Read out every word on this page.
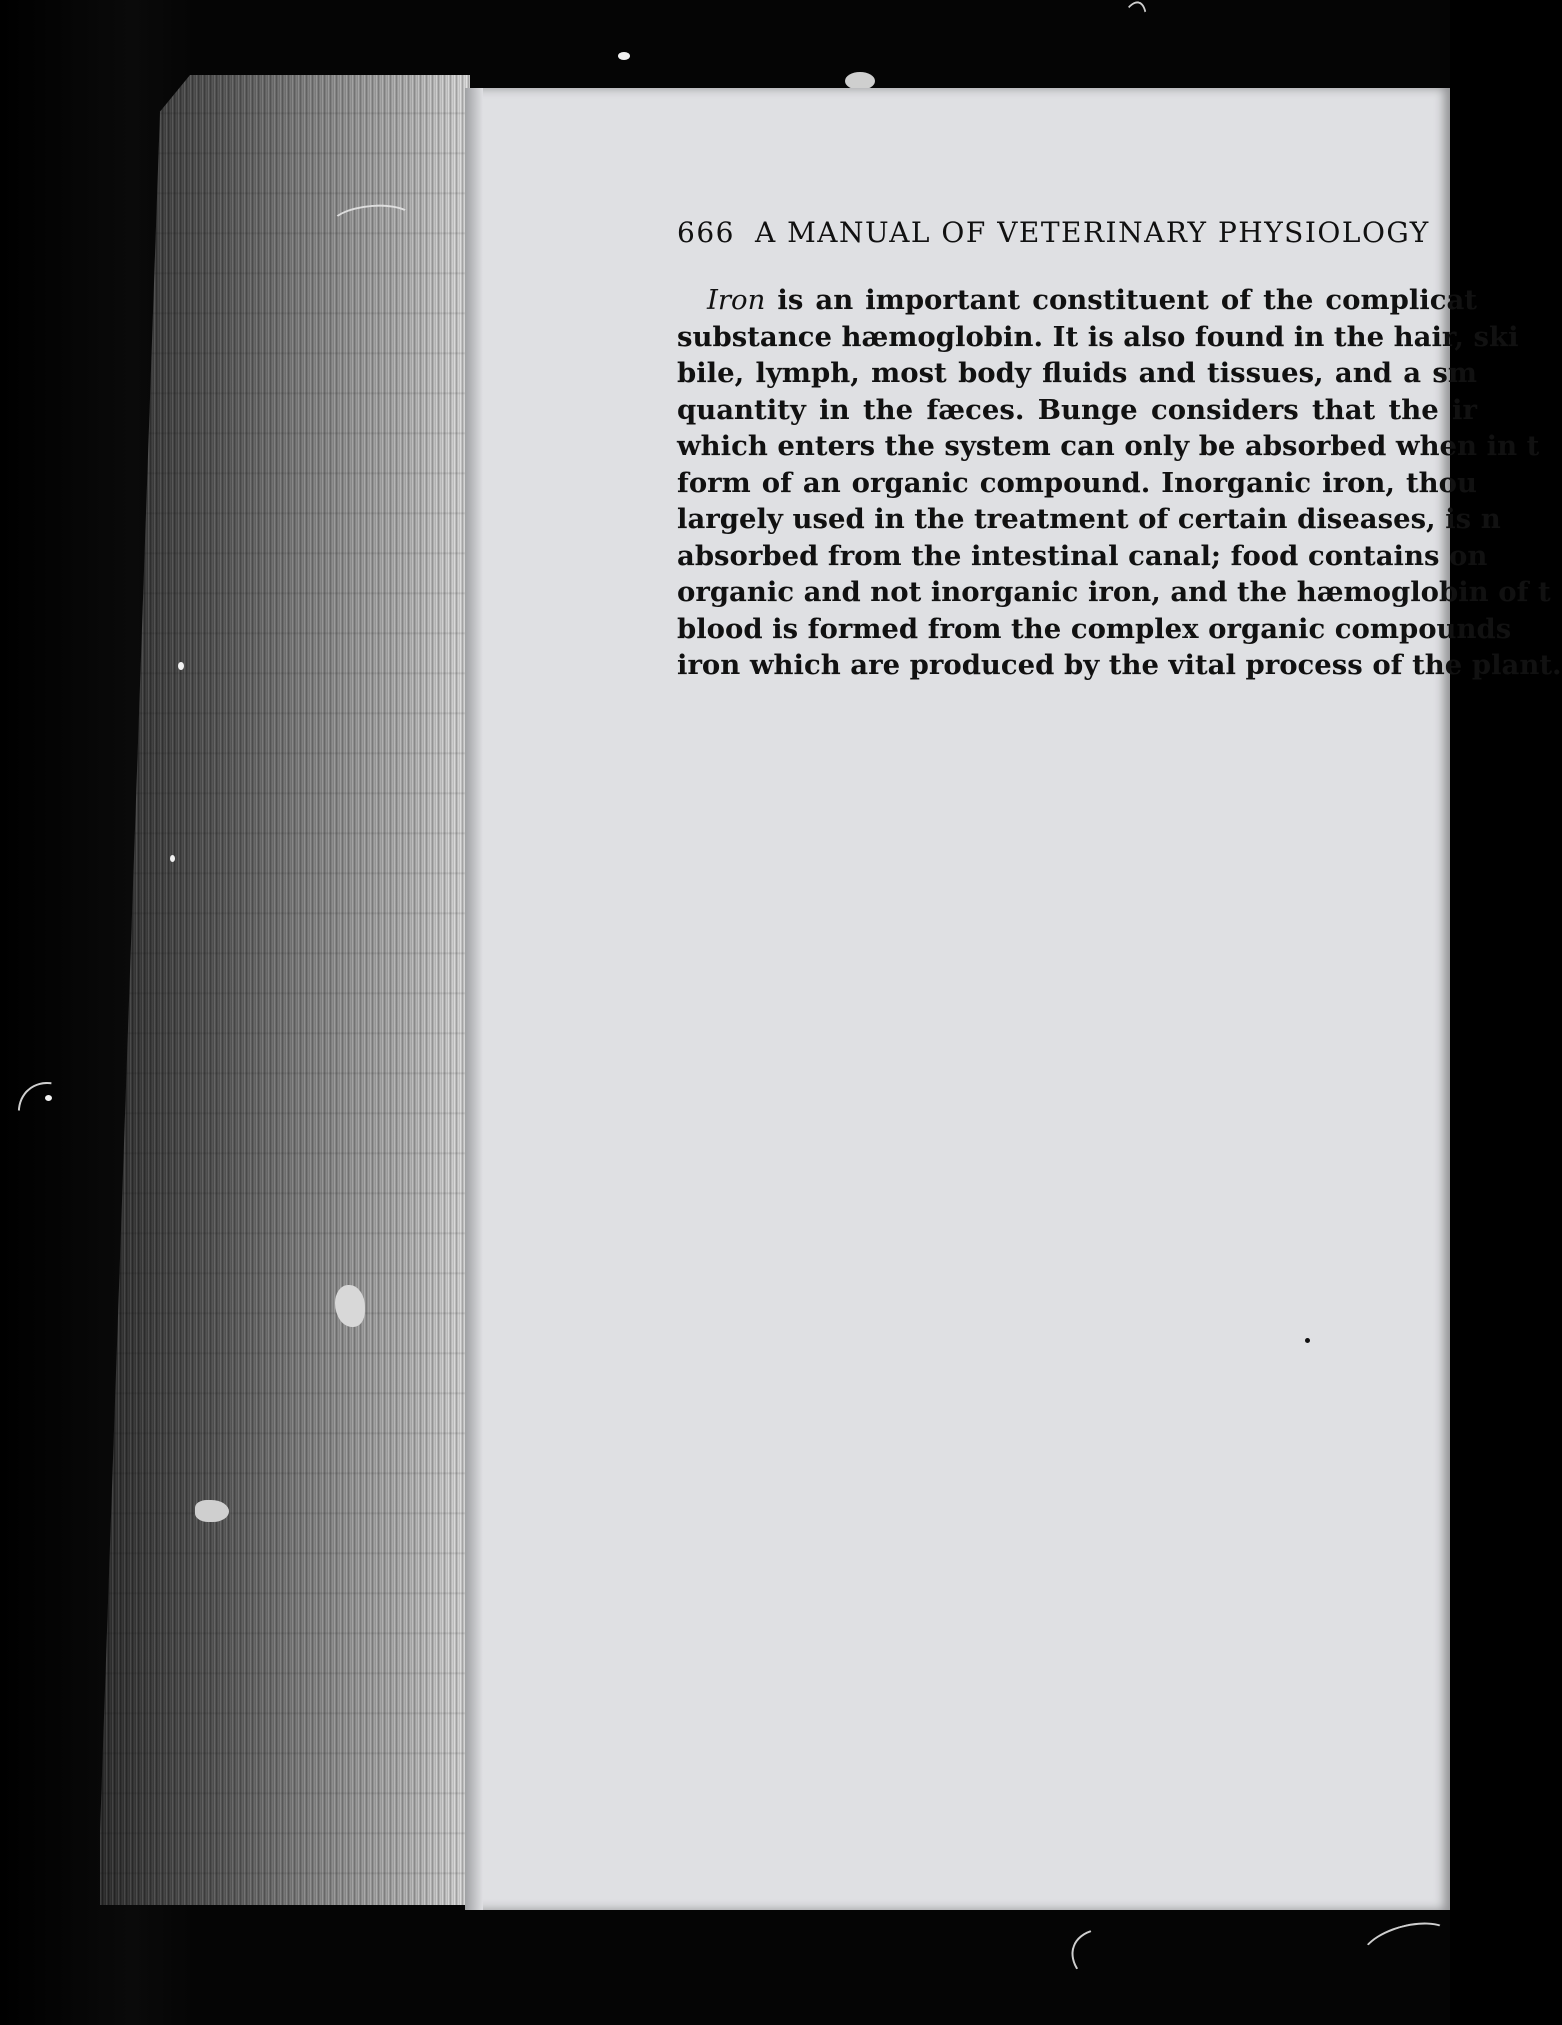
666 A MANUAL OF VETERINARY PHYSIOLOGY
Iron is an important constituent of the complicat
substance hæmoglobin. It is also found in the hair, ski
bile, lymph, most body fluids and tissues, and a sm
quantity in the fæces. Bunge considers that the ir
which enters the system can only be absorbed when in t
form of an organic compound. Inorganic iron, thou
largely used in the treatment of certain diseases, is n
absorbed from the intestinal canal; food contains on
organic and not inorganic iron, and the hæmoglobin of t
blood is formed from the complex organic compounds
iron which are produced by the vital process of the plant.
